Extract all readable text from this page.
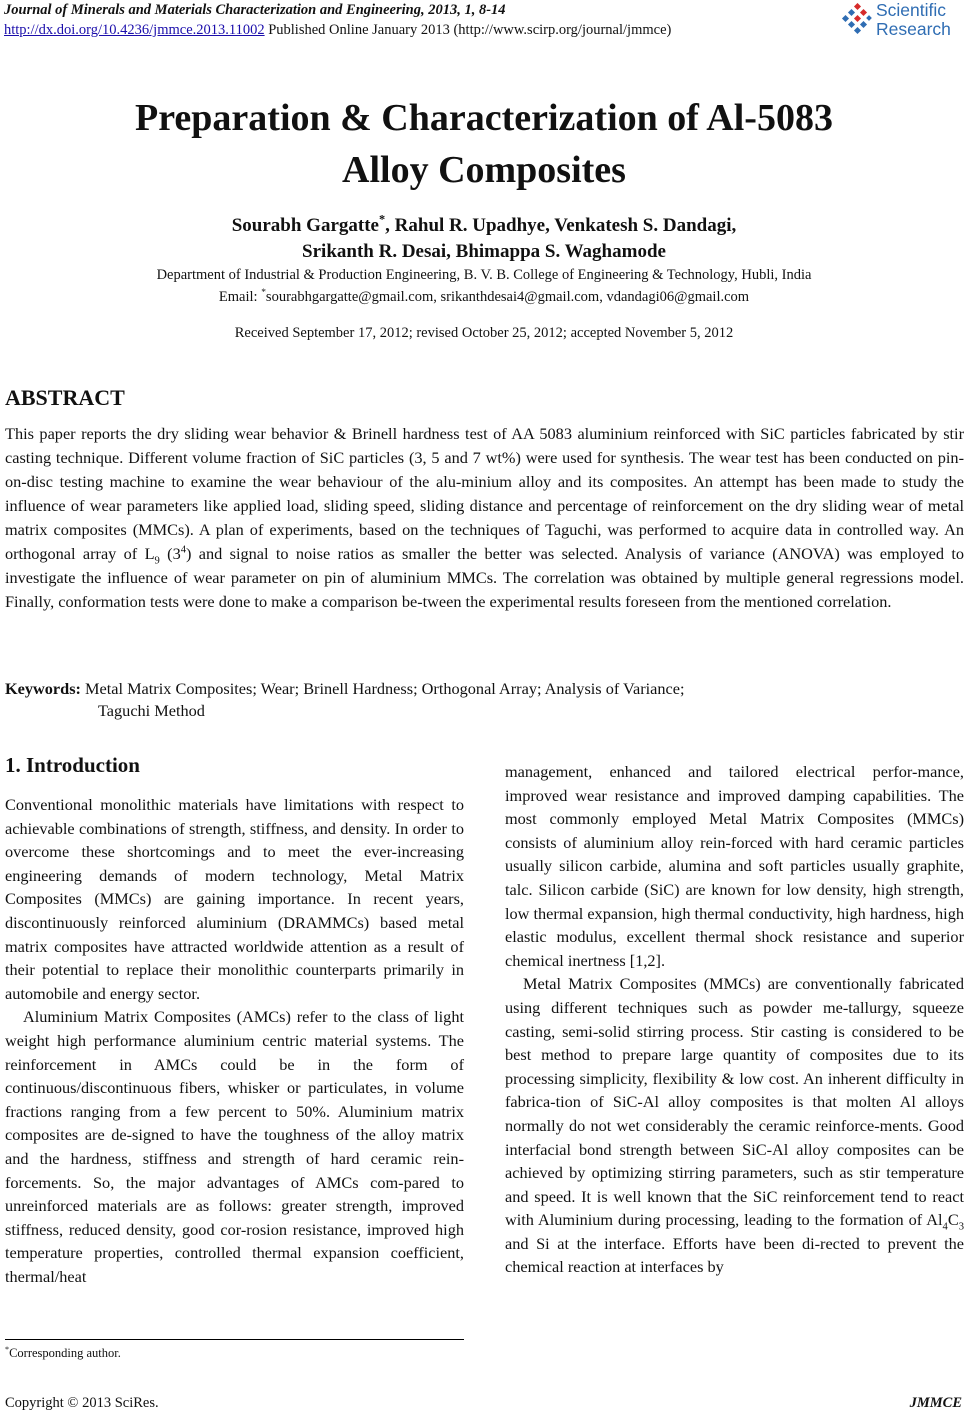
Journal of Minerals and Materials Characterization and Engineering, 2013, 1, 8-14
http://dx.doi.org/10.4236/jmmce.2013.11002 Published Online January 2013 (http://www.scirp.org/journal/jmmce)
Scientific
Research
Preparation & Characterization of Al-5083
Alloy Composites
Sourabh Gargatte*, Rahul R. Upadhye, Venkatesh S. Dandagi,
Srikanth R. Desai, Bhimappa S. Waghamode
Department of Industrial & Production Engineering, B. V. B. College of Engineering & Technology, Hubli, India
Email: *sourabhgargatte@gmail.com, srikanthdesai4@gmail.com, vdandagi06@gmail.com
Received September 17, 2012; revised October 25, 2012; accepted November 5, 2012
ABSTRACT
This paper reports the dry sliding wear behavior & Brinell hardness test of AA 5083 aluminium reinforced with SiC particles fabricated by stir casting technique. Different volume fraction of SiC particles (3, 5 and 7 wt%) were used for synthesis. The wear test has been conducted on pin-on-disc testing machine to examine the wear behaviour of the alu-minium alloy and its composites. An attempt has been made to study the influence of wear parameters like applied load, sliding speed, sliding distance and percentage of reinforcement on the dry sliding wear of metal matrix composites (MMCs). A plan of experiments, based on the techniques of Taguchi, was performed to acquire data in controlled way. An orthogonal array of $L_9$ $(3^4)$ and signal to noise ratios as smaller the better was selected. Analysis of variance (ANOVA) was employed to investigate the influence of wear parameter on pin of aluminium MMCs. The correlation was obtained by multiple general regressions model. Finally, conformation tests were done to make a comparison be-tween the experimental results foreseen from the mentioned correlation.
Keywords: Metal Matrix Composites; Wear; Brinell Hardness; Orthogonal Array; Analysis of Variance;
Taguchi Method
1. Introduction

Conventional monolithic materials have limitations with respect to achievable combinations of strength, stiffness, and density. In order to overcome these shortcomings and to meet the ever-increasing engineering demands of modern technology, Metal Matrix Composites (MMCs) are gaining importance. In recent years, discontinuously reinforced aluminium (DRAMMCs) based metal matrix composites have attracted worldwide attention as a result of their potential to replace their monolithic counterparts primarily in automobile and energy sector.

Aluminium Matrix Composites (AMCs) refer to the class of light weight high performance aluminium centric material systems. The reinforcement in AMCs could be in the form of continuous/discontinuous fibers, whisker or particulates, in volume fractions ranging from a few percent to 50%. Aluminium matrix composites are de-signed to have the toughness of the alloy matrix and the hardness, stiffness and strength of hard ceramic rein-forcements. So, the major advantages of AMCs com-pared to unreinforced materials are as follows: greater strength, improved stiffness, reduced density, good cor-rosion resistance, improved high temperature properties, controlled thermal expansion coefficient, thermal/heat

management, enhanced and tailored electrical perfor-mance, improved wear resistance and improved damping capabilities. The most commonly employed Metal Matrix Composites (MMCs) consists of aluminium alloy rein-forced with hard ceramic particles usually silicon carbide, alumina and soft particles usually graphite, talc. Silicon carbide (SiC) are known for low density, high strength, low thermal expansion, high thermal conductivity, high hardness, high elastic modulus, excellent thermal shock resistance and superior chemical inertness [1,2].

Metal Matrix Composites (MMCs) are conventionally fabricated using different techniques such as powder me-tallurgy, squeeze casting, semi-solid stirring process. Stir casting is considered to be best method to prepare large quantity of composites due to its processing simplicity, flexibility & low cost. An inherent difficulty in fabrica-tion of SiC-Al alloy composites is that molten Al alloys normally do not wet considerably the ceramic reinforce-ments. Good interfacial bond strength between SiC-Al alloy composites can be achieved by optimizing stirring parameters, such as stir temperature and speed. It is well known that the SiC reinforcement tend to react with Aluminium during processing, leading to the formation of $Al_4C_3$ and Si at the interface. Efforts have been di-rected to prevent the chemical reaction at interfaces by

*Corresponding author.
Copyright © 2013 SciRes.	JMMCE
